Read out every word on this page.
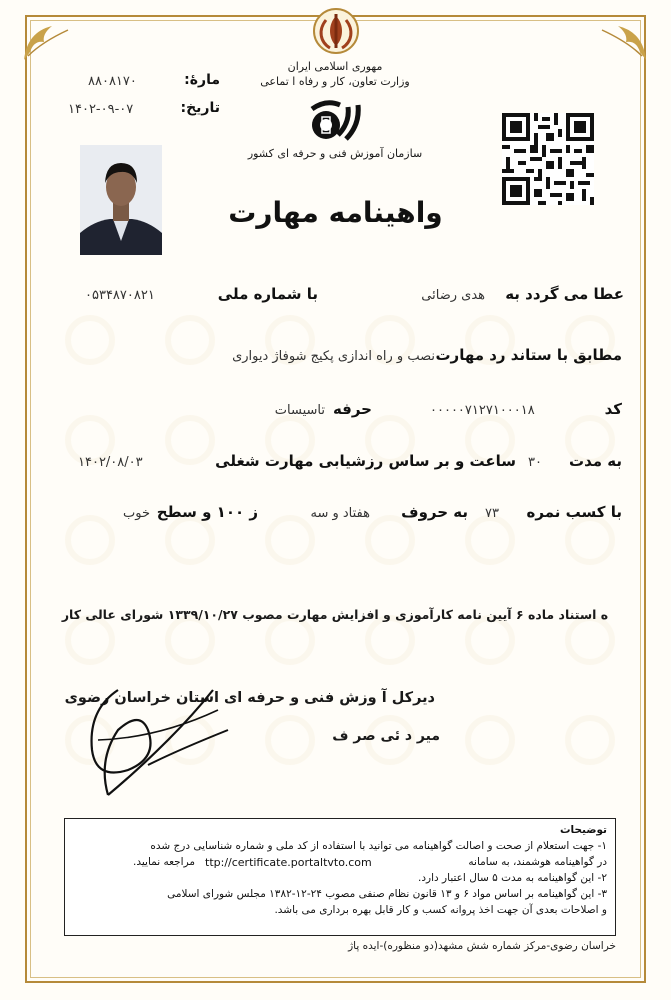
مهوری اسلامی ایران
وزارت تعاون، کار و رفاه ا تماعی
سازمان آموزش فنی و حرفه ای کشور
مارۀ:
۸۸۰۸۱۷۰
تاریخ:
۱۴۰۲-۰۹-۰۷
واهینامه مهارت
عطا می گردد به
هدی رضائی
با شماره ملی
۰۵۳۴۸۷۰۸۲۱
مطابق با ستاند رد مهارت
نصب و راه اندازی پکیج شوفاژ دیواری
کد
۰۰۰۰۰۷۱۲۷۱۰۰۰۱۸
حرفه
تاسیسات
به مدت
۳۰
ساعت و بر ساس رزشیابی مهارت شغلی
۱۴۰۲/۰۸/۰۳
با کسب نمره
۷۳
به حروف
هفتاد و سه
ز ۱۰۰ و سطح
خوب
ه استناد ماده ۶ آیین نامه کارآموزی و افزایش مهارت مصوب ۱۳۳۹/۱۰/۲۷ شورای عالی کار
دیرکل آ وزش فنی و حرفه ای استان خراسان رضوی
میر د ئی صر ف
توضیحات
۱- جهت استعلام از صحت و اصالت گواهینامه می توانید با استفاده از کد ملی و شماره شناسایی درج شده
در گواهینامه هوشمند، به سامانه
ttp://certificate.portaltvto.com
مراجعه نمایید.
۲- این گواهینامه به مدت ۵ سال اعتبار دارد.
۳- این گواهینامه بر اساس مواد ۶ و ۱۳ قانون نظام صنفی مصوب ۲۴-۱۲-۱۳۸۲ مجلس شورای اسلامی
و اصلاحات بعدی آن جهت اخذ پروانه کسب و کار قابل بهره برداری می باشد.
خراسان رضوی-مرکز شماره شش مشهد(دو منظوره)-ایده پاژ
